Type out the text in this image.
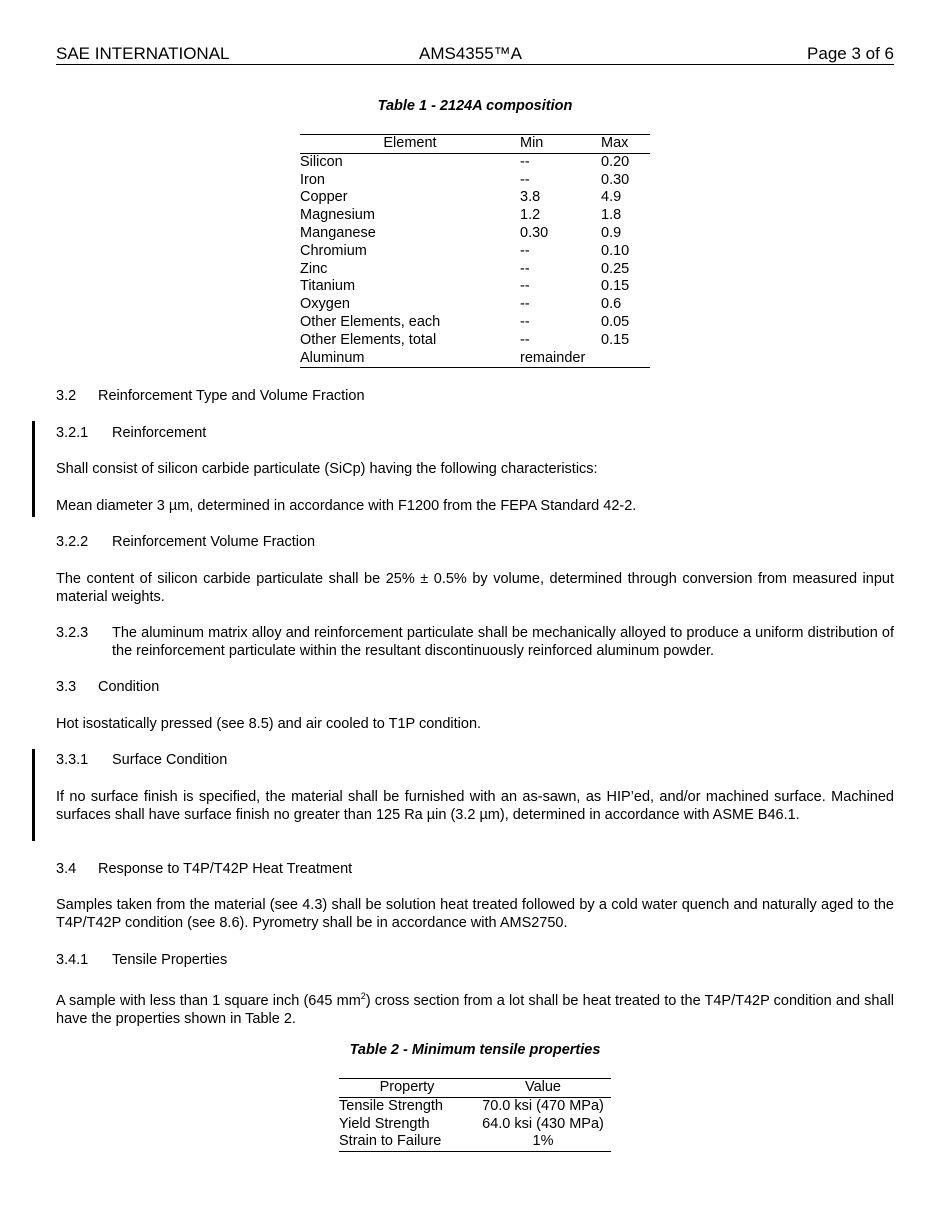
SAE INTERNATIONAL	AMS4355™A	Page 3 of 6
Table 1 - 2124A composition
Element	Min	Max
Silicon	--	0.20
Iron	--	0.30
Copper	3.8	4.9
Magnesium	1.2	1.8
Manganese	0.30	0.9
Chromium	--	0.10
Zinc	--	0.25
Titanium	--	0.15
Oxygen	--	0.6
Other Elements, each	--	0.05
Other Elements, total	--	0.15
Aluminum	remainder	
3.2 Reinforcement Type and Volume Fraction
3.2.1 Reinforcement
Shall consist of silicon carbide particulate (SiCp) having the following characteristics:
Mean diameter 3 µm, determined in accordance with F1200 from the FEPA Standard 42-2.
3.2.2 Reinforcement Volume Fraction
The content of silicon carbide particulate shall be 25% ± 0.5% by volume, determined through conversion from measured input material weights.
3.2.3 The aluminum matrix alloy and reinforcement particulate shall be mechanically alloyed to produce a uniform distribution of the reinforcement particulate within the resultant discontinuously reinforced aluminum powder.
3.3 Condition
Hot isostatically pressed (see 8.5) and air cooled to T1P condition.
3.3.1 Surface Condition
If no surface finish is specified, the material shall be furnished with an as-sawn, as HIP’ed, and/or machined surface. Machined surfaces shall have surface finish no greater than 125 Ra µin (3.2 µm), determined in accordance with ASME B46.1.
3.4 Response to T4P/T42P Heat Treatment
Samples taken from the material (see 4.3) shall be solution heat treated followed by a cold water quench and naturally aged to the T4P/T42P condition (see 8.6). Pyrometry shall be in accordance with AMS2750.
3.4.1 Tensile Properties
A sample with less than 1 square inch (645 $mm^2$) cross section from a lot shall be heat treated to the T4P/T42P condition and shall have the properties shown in Table 2.
Table 2 - Minimum tensile properties
Property	Value
Tensile Strength	70.0 ksi (470 MPa)
Yield Strength	64.0 ksi (430 MPa)
Strain to Failure	1%
